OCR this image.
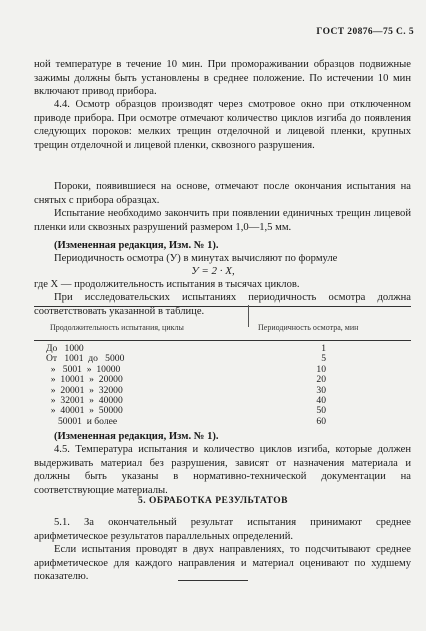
ГОСТ 20876—75 С. 5

ной температуре в течение 10 мин. При промораживании образцов подвижные зажимы должны быть установлены в среднее положение. По истечении 10 мин включают привод прибора.

4.4. Осмотр образцов производят через смотровое окно при отключенном приводе прибора. При осмотре отмечают количество циклов изгиба до появления следующих пороков: мелких трещин отделочной и лицевой пленки, крупных трещин отделочной и лицевой пленки, сквозного разрушения.

Пороки, появившиеся на основе, отмечают после окончания испытания на снятых с прибора образцах.

Испытание необходимо закончить при появлении единичных трещин лицевой пленки или сквозных разрушений размером 1,0—1,5 мм.

(Измененная редакция, Изм. № 1).

Периодичность осмотра (У) в минутах вычисляют по формуле

У = 2 · Х,

где X — продолжительность испытания в тысячах циклов.

При исследовательских испытаниях периодичность осмотра должна соответствовать указанной в таблице.

Продолжительность испытания, циклы	Периодичность осмотра, мин
До   1000
От   1001  до   5000
»   5001  »  10000
»  10001  »  20000
»  20001  »  32000
»  32001  »  40000
»  40001  »  50000
50001  и более
1
5
10
20
30
40
50
60

(Измененная редакция, Изм. № 1).

4.5. Температура испытания и количество циклов изгиба, которые должен выдерживать материал без разрушения, зависят от назначения материала и должны быть указаны в нормативно-технической документации на соответствующие материалы.

5. ОБРАБОТКА РЕЗУЛЬТАТОВ

5.1. За окончательный результат испытания принимают среднее арифметическое результатов параллельных определений.

Если испытания проводят в двух направлениях, то подсчитывают среднее арифметическое для каждого направления и материал оценивают по худшему показателю.
